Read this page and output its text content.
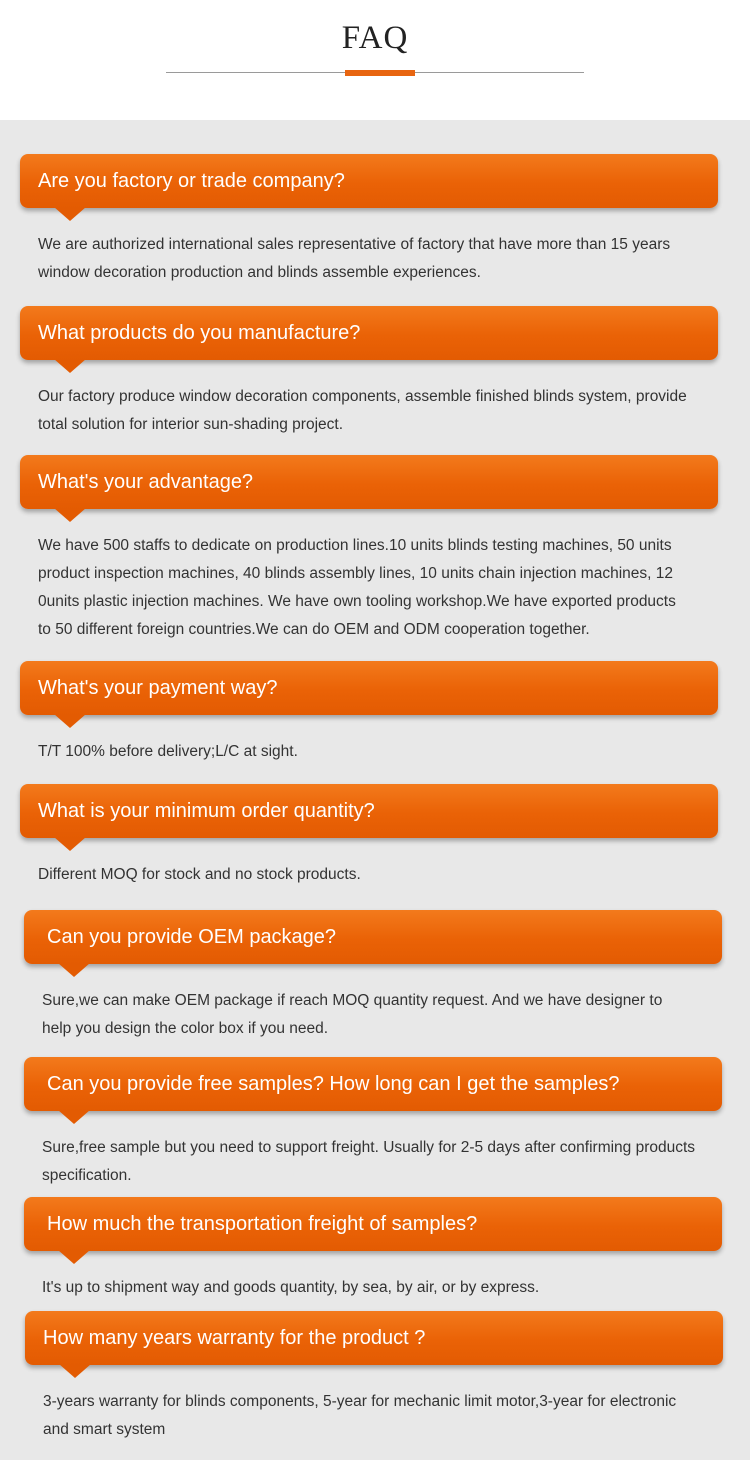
FAQ
Are you factory or trade company?
We are authorized international sales representative of factory that have more than 15 years
window decoration production and blinds assemble experiences.
What products do you manufacture?
Our factory produce window decoration components, assemble finished blinds system, provide
total solution for interior sun-shading project.
What's your advantage?
We have 500 staffs to dedicate on production lines.10 units blinds testing machines, 50 units
product inspection machines, 40 blinds assembly lines, 10 units chain injection machines, 12
0units plastic injection machines. We have own tooling workshop.We have exported products
to 50 different foreign countries.We can do OEM and ODM cooperation together.
What's your payment way?
T/T 100% before delivery;L/C at sight.
What is your minimum order quantity?
Different MOQ for stock and no stock products.
Can you provide OEM package?
Sure,we can make OEM package if reach MOQ quantity request. And we have designer to
help you design the color box if you need.
Can you provide free samples? How long can I get the samples?
Sure,free sample but you need to support freight. Usually for 2-5 days after confirming products
specification.
How much the transportation freight of samples?
It's up to shipment way and goods quantity, by sea, by air, or by express.
How many years warranty for the product ?
3-years warranty for blinds components, 5-year for mechanic limit motor,3-year for electronic
and smart system
